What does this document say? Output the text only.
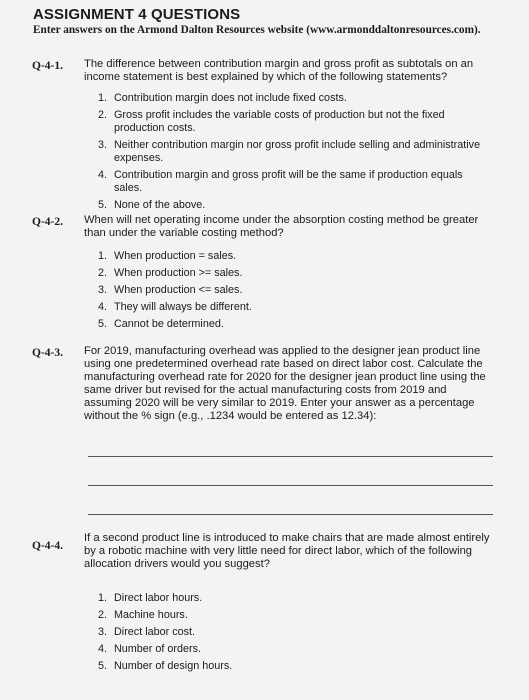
ASSIGNMENT 4 QUESTIONS

Enter answers on the Armond Dalton Resources website (www.armonddaltonresources.com).

Q-4-1. The difference between contribution margin and gross profit as subtotals on an income statement is best explained by which of the following statements?

1. Contribution margin does not include fixed costs.
2. Gross profit includes the variable costs of production but not the fixed production costs.
3. Neither contribution margin nor gross profit include selling and administrative expenses.
4. Contribution margin and gross profit will be the same if production equals sales.
5. None of the above.
Q-4-2. When will net operating income under the absorption costing method be greater than under the variable costing method?

1. When production = sales.
2. When production >= sales.
3. When production <= sales.
4. They will always be different.
5. Cannot be determined.
Q-4-3. For 2019, manufacturing overhead was applied to the designer jean product line using one predetermined overhead rate based on direct labor cost. Calculate the manufacturing overhead rate for 2020 for the designer jean product line using the same driver but revised for the actual manufacturing costs from 2019 and assuming 2020 will be very similar to 2019. Enter your answer as a percentage without the % sign (e.g., .1234 would be entered as 12.34):

Q-4-4.

If a second product line is introduced to make chairs that are made almost entirely by a robotic machine with very little need for direct labor, which of the following allocation drivers would you suggest?

1. Direct labor hours.
2. Machine hours.
3. Direct labor cost.
4. Number of orders.
5. Number of design hours.
